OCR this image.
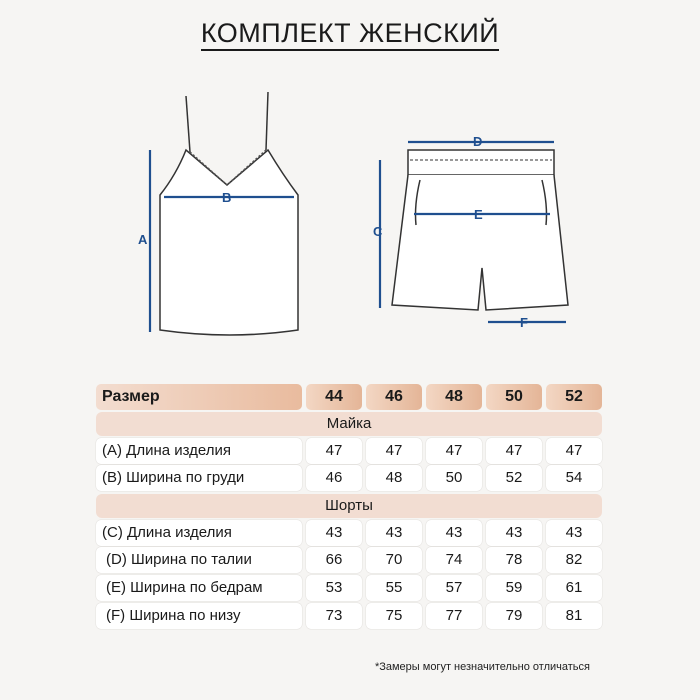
КОМПЛЕКТ ЖЕНСКИЙ
A
B
C
D
E
F
Размер	44	46	48	50	52
Майка
(A) Длина изделия	47	47	47	47	47
(B) Ширина по груди	46	48	50	52	54
Шорты
(C) Длина изделия	43	43	43	43	43
(D) Ширина по талии	66	70	74	78	82
(E) Ширина по бедрам	53	55	57	59	61
(F) Ширина по низу	73	75	77	79	81
*Замеры могут незначительно отличаться
